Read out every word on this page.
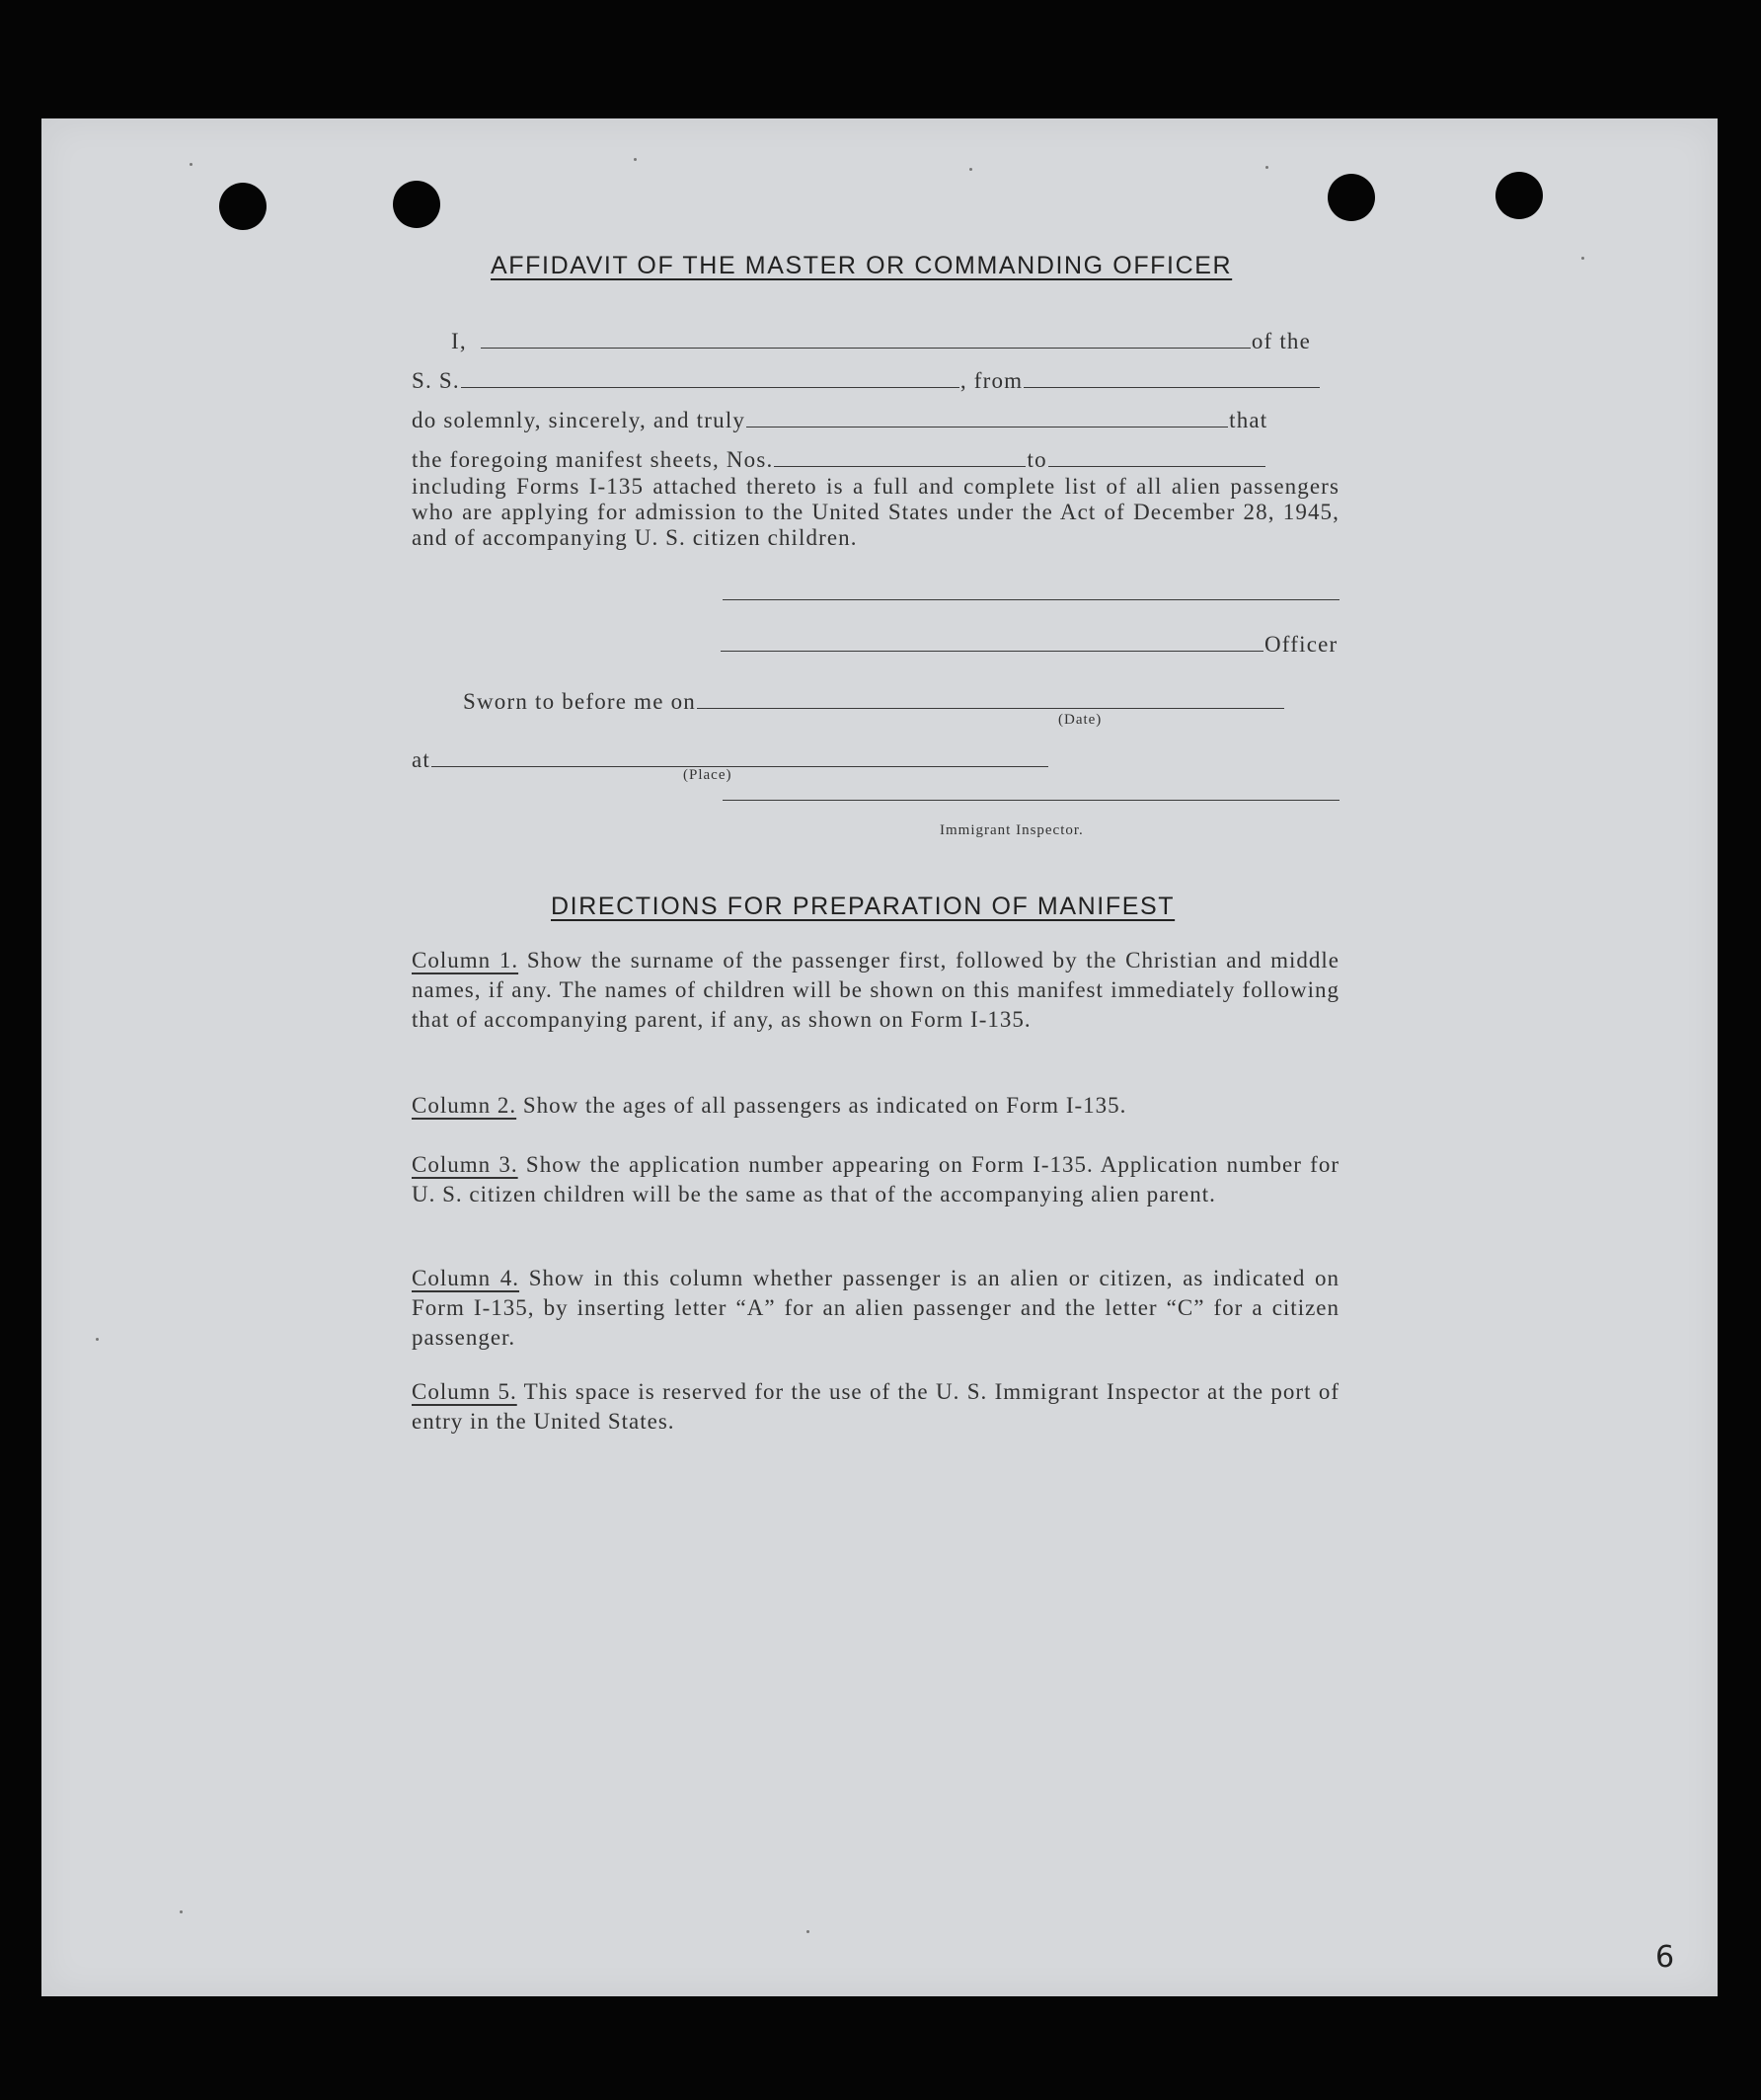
AFFIDAVIT OF THE MASTER OR COMMANDING OFFICER
I,	of the
S. S.	, from
do solemnly, sincerely, and truly	that
the foregoing manifest sheets, Nos.	to
including Forms I-135 attached thereto is a full and complete list of all alien passengers who are applying for admission to the United States under the Act of December 28, 1945, and of accompanying U. S. citizen children.
Officer
Sworn to before me on
(Date)
at
(Place)
Immigrant Inspector.
DIRECTIONS FOR PREPARATION OF MANIFEST
Column 1. Show the surname of the passenger first, followed by the Christian and middle names, if any. The names of children will be shown on this manifest immediately following that of accompanying parent, if any, as shown on Form I-135.
Column 2. Show the ages of all passengers as indicated on Form I-135.
Column 3. Show the application number appearing on Form I-135. Application number for U. S. citizen children will be the same as that of the accompanying alien parent.
Column 4. Show in this column whether passenger is an alien or citizen, as indicated on Form I-135, by inserting letter “A” for an alien passenger and the letter “C” for a citizen passenger.
Column 5. This space is reserved for the use of the U. S. Immigrant Inspector at the port of entry in the United States.
6
